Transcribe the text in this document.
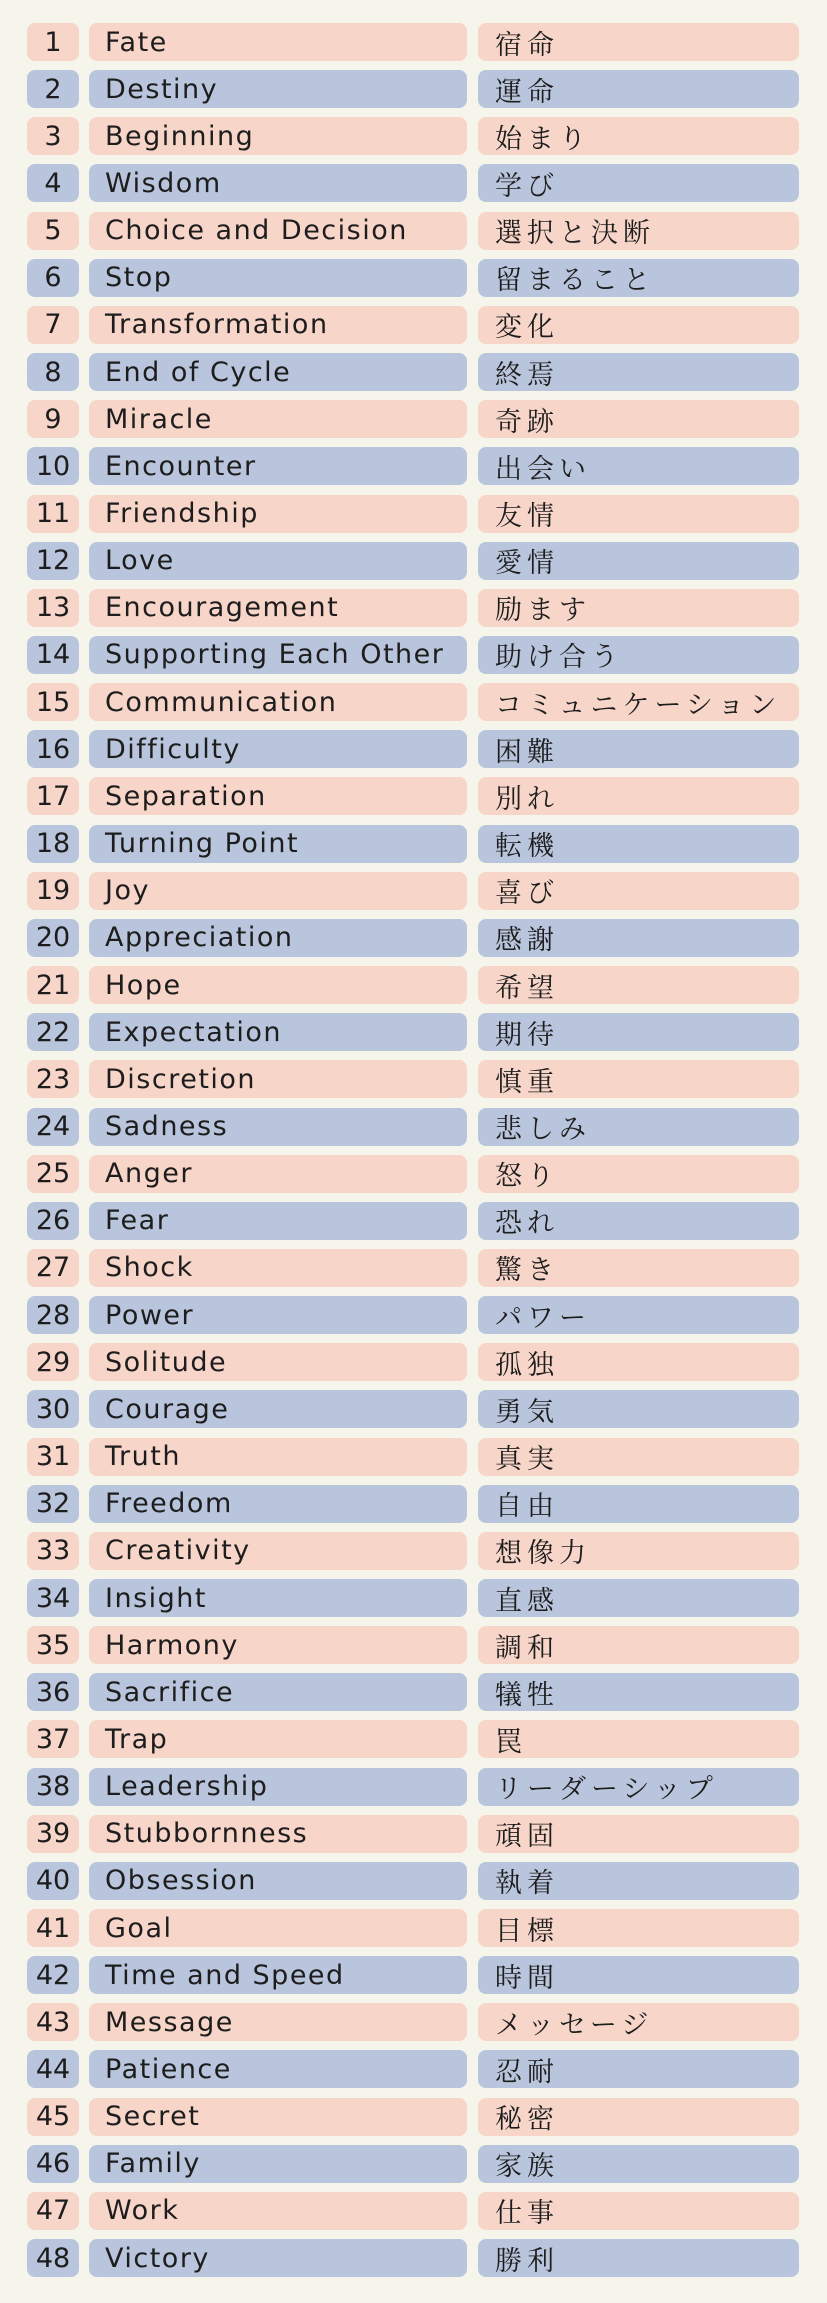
1	Fate	宿命
2	Destiny	運命
3	Beginning	始まり
4	Wisdom	学び
5	Choice and Decision	選択と決断
6	Stop	留まること
7	Transformation	変化
8	End of Cycle	終焉
9	Miracle	奇跡
10	Encounter	出会い
11	Friendship	友情
12	Love	愛情
13	Encouragement	励ます
14	Supporting Each Other	助け合う
15	Communication	コミュニケーション
16	Difficulty	困難
17	Separation	別れ
18	Turning Point	転機
19	Joy	喜び
20	Appreciation	感謝
21	Hope	希望
22	Expectation	期待
23	Discretion	慎重
24	Sadness	悲しみ
25	Anger	怒り
26	Fear	恐れ
27	Shock	驚き
28	Power	パワー
29	Solitude	孤独
30	Courage	勇気
31	Truth	真実
32	Freedom	自由
33	Creativity	想像力
34	Insight	直感
35	Harmony	調和
36	Sacrifice	犠牲
37	Trap	罠
38	Leadership	リーダーシップ
39	Stubbornness	頑固
40	Obsession	執着
41	Goal	目標
42	Time and Speed	時間
43	Message	メッセージ
44	Patience	忍耐
45	Secret	秘密
46	Family	家族
47	Work	仕事
48	Victory	勝利
